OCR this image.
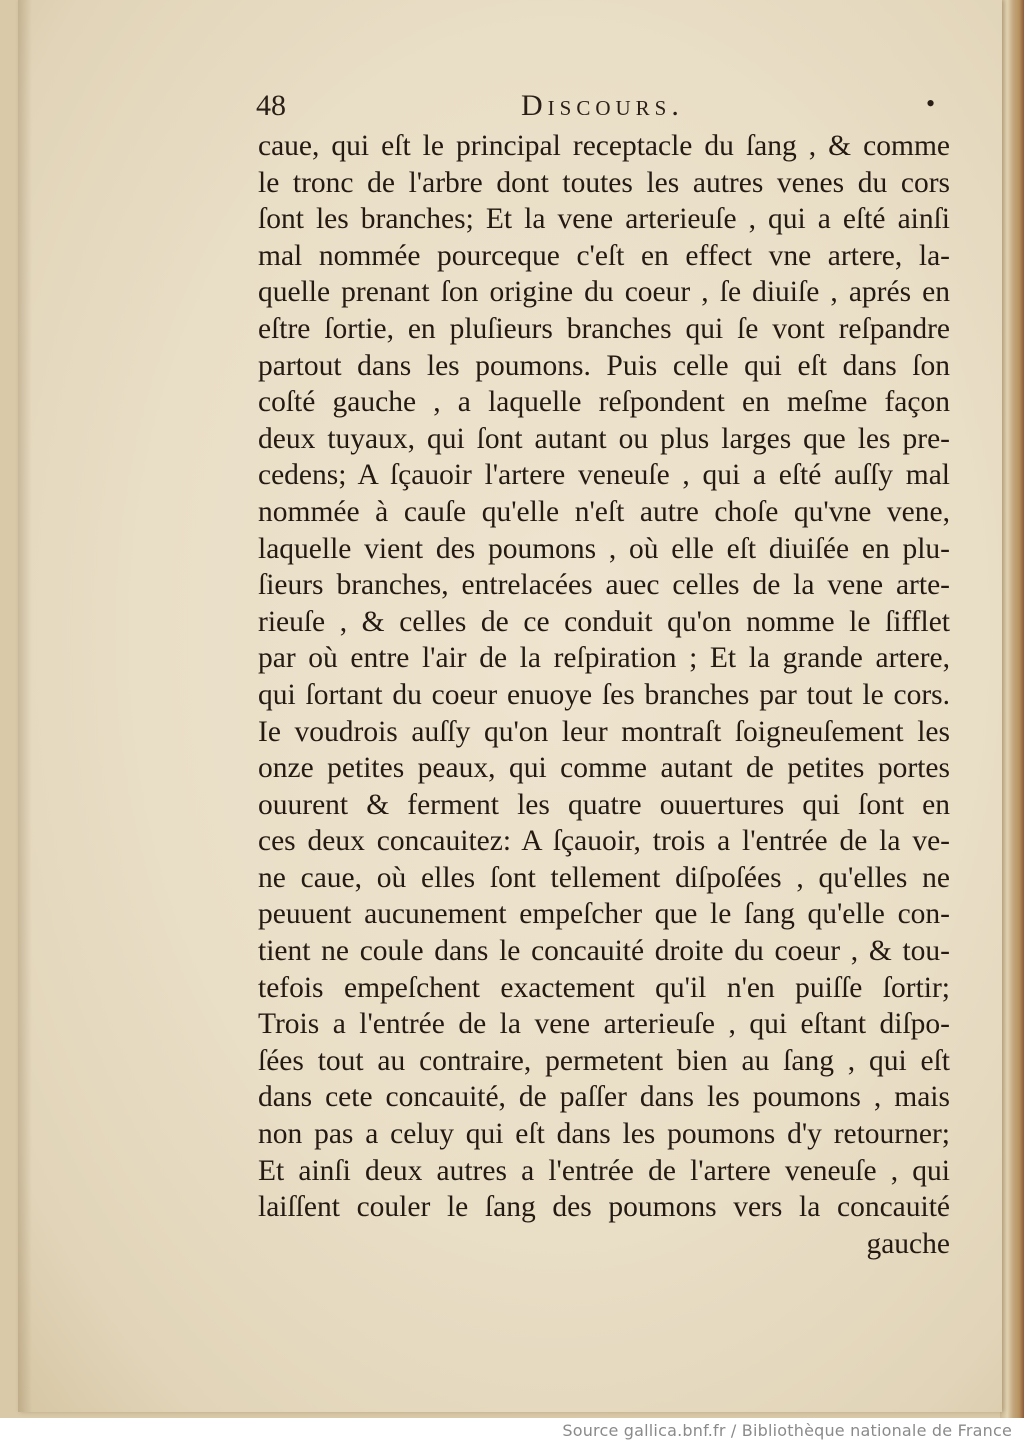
48	Discours.	•
caue, qui eſt le principal receptacle du ſang , & comme
le tronc de l'arbre dont toutes les autres venes du cors
ſont les branches; Et la vene arterieuſe , qui a eſté ainſi
mal nommée pourceque c'eſt en effect vne artere, la-
quelle prenant ſon origine du coeur , ſe diuiſe , aprés en
eſtre ſortie, en pluſieurs branches qui ſe vont reſpandre
partout dans les poumons. Puis celle qui eſt dans ſon
coſté gauche , a laquelle reſpondent en meſme façon
deux tuyaux, qui ſont autant ou plus larges que les pre-
cedens; A ſçauoir l'artere veneuſe , qui a eſté auſſy mal
nommée à cauſe qu'elle n'eſt autre choſe qu'vne vene,
laquelle vient des poumons , où elle eſt diuiſée en plu-
ſieurs branches, entrelacées auec celles de la vene arte-
rieuſe , & celles de ce conduit qu'on nomme le ſifflet
par où entre l'air de la reſpiration ; Et la grande artere,
qui ſortant du coeur enuoye ſes branches par tout le cors.
Ie voudrois auſſy qu'on leur montraſt ſoigneuſement les
onze petites peaux, qui comme autant de petites portes
ouurent & ferment les quatre ouuertures qui ſont en
ces deux concauitez: A ſçauoir, trois a l'entrée de la ve-
ne caue, où elles ſont tellement diſpoſées , qu'elles ne
peuuent aucunement empeſcher que le ſang qu'elle con-
tient ne coule dans le concauité droite du coeur , & tou-
tefois empeſchent exactement qu'il n'en puiſſe ſortir;
Trois a l'entrée de la vene arterieuſe , qui eſtant diſpo-
ſées tout au contraire, permetent bien au ſang , qui eſt
dans cete concauité, de paſſer dans les poumons , mais
non pas a celuy qui eſt dans les poumons d'y retourner;
Et ainſi deux autres a l'entrée de l'artere veneuſe , qui
laiſſent couler le ſang des poumons vers la concauité
gauche
Source gallica.bnf.fr / Bibliothèque nationale de France
